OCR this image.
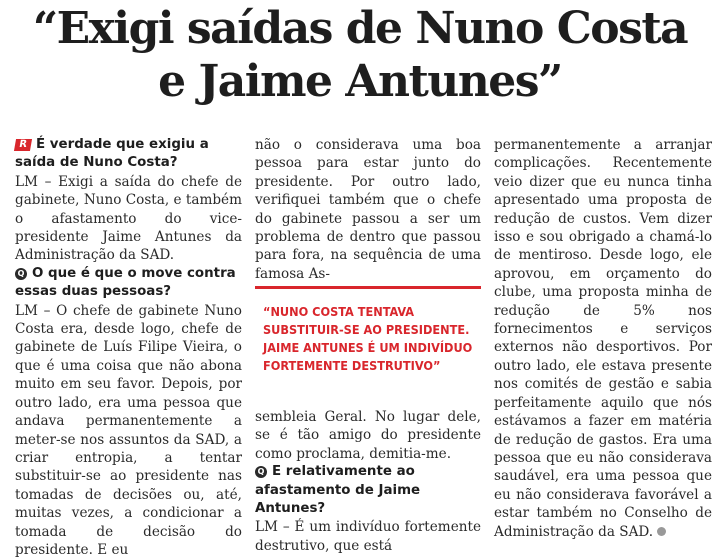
“Exigi saídas de Nuno Costa
e Jaime Antunes”

R É verdade que exigiu a saída de Nuno Costa?

LM – Exigi a saída do chefe de gabinete, Nuno Costa, e também o afastamento do vice-presidente Jaime Antunes da Administração da SAD.

Q O que é que o move contra essas duas pessoas?

LM – O chefe de gabinete Nuno Costa era, desde logo, chefe de gabinete de Luís Filipe Vieira, o que é uma coisa que não abona muito em seu favor. Depois, por outro lado, era uma pessoa que andava permanentemente a meter-se nos assuntos da SAD, a criar entropia, a tentar substituir-se ao presidente nas tomadas de decisões ou, até, muitas vezes, a condicionar a tomada de decisão do presidente. E eu

não o considerava uma boa pessoa para estar junto do presidente. Por outro lado, verifiquei também que o chefe do gabinete passou a ser um problema de dentro que passou para fora, na sequência de uma famosa As-

“NUNO COSTA TENTAVA SUBSTITUIR-SE AO PRESIDENTE. JAIME ANTUNES É UM INDIVÍDUO FORTEMENTE DESTRUTIVO”

sembleia Geral. No lugar dele, se é tão amigo do presidente como proclama, demitia-me.

Q E relativamente ao afastamento de Jaime Antunes?

LM – É um indivíduo fortemente destrutivo, que está

permanentemente a arranjar complicações. Recentemente veio dizer que eu nunca tinha apresentado uma proposta de redução de custos. Vem dizer isso e sou obrigado a chamá-lo de mentiroso. Desde logo, ele aprovou, em orçamento do clube, uma proposta minha de redução de 5% nos fornecimentos e serviços externos não desportivos. Por outro lado, ele estava presente nos comités de gestão e sabia perfeitamente aquilo que nós estávamos a fazer em matéria de redução de gastos. Era uma pessoa que eu não considerava saudável, era uma pessoa que eu não considerava favorável a estar também no Conselho de Administração da SAD.
